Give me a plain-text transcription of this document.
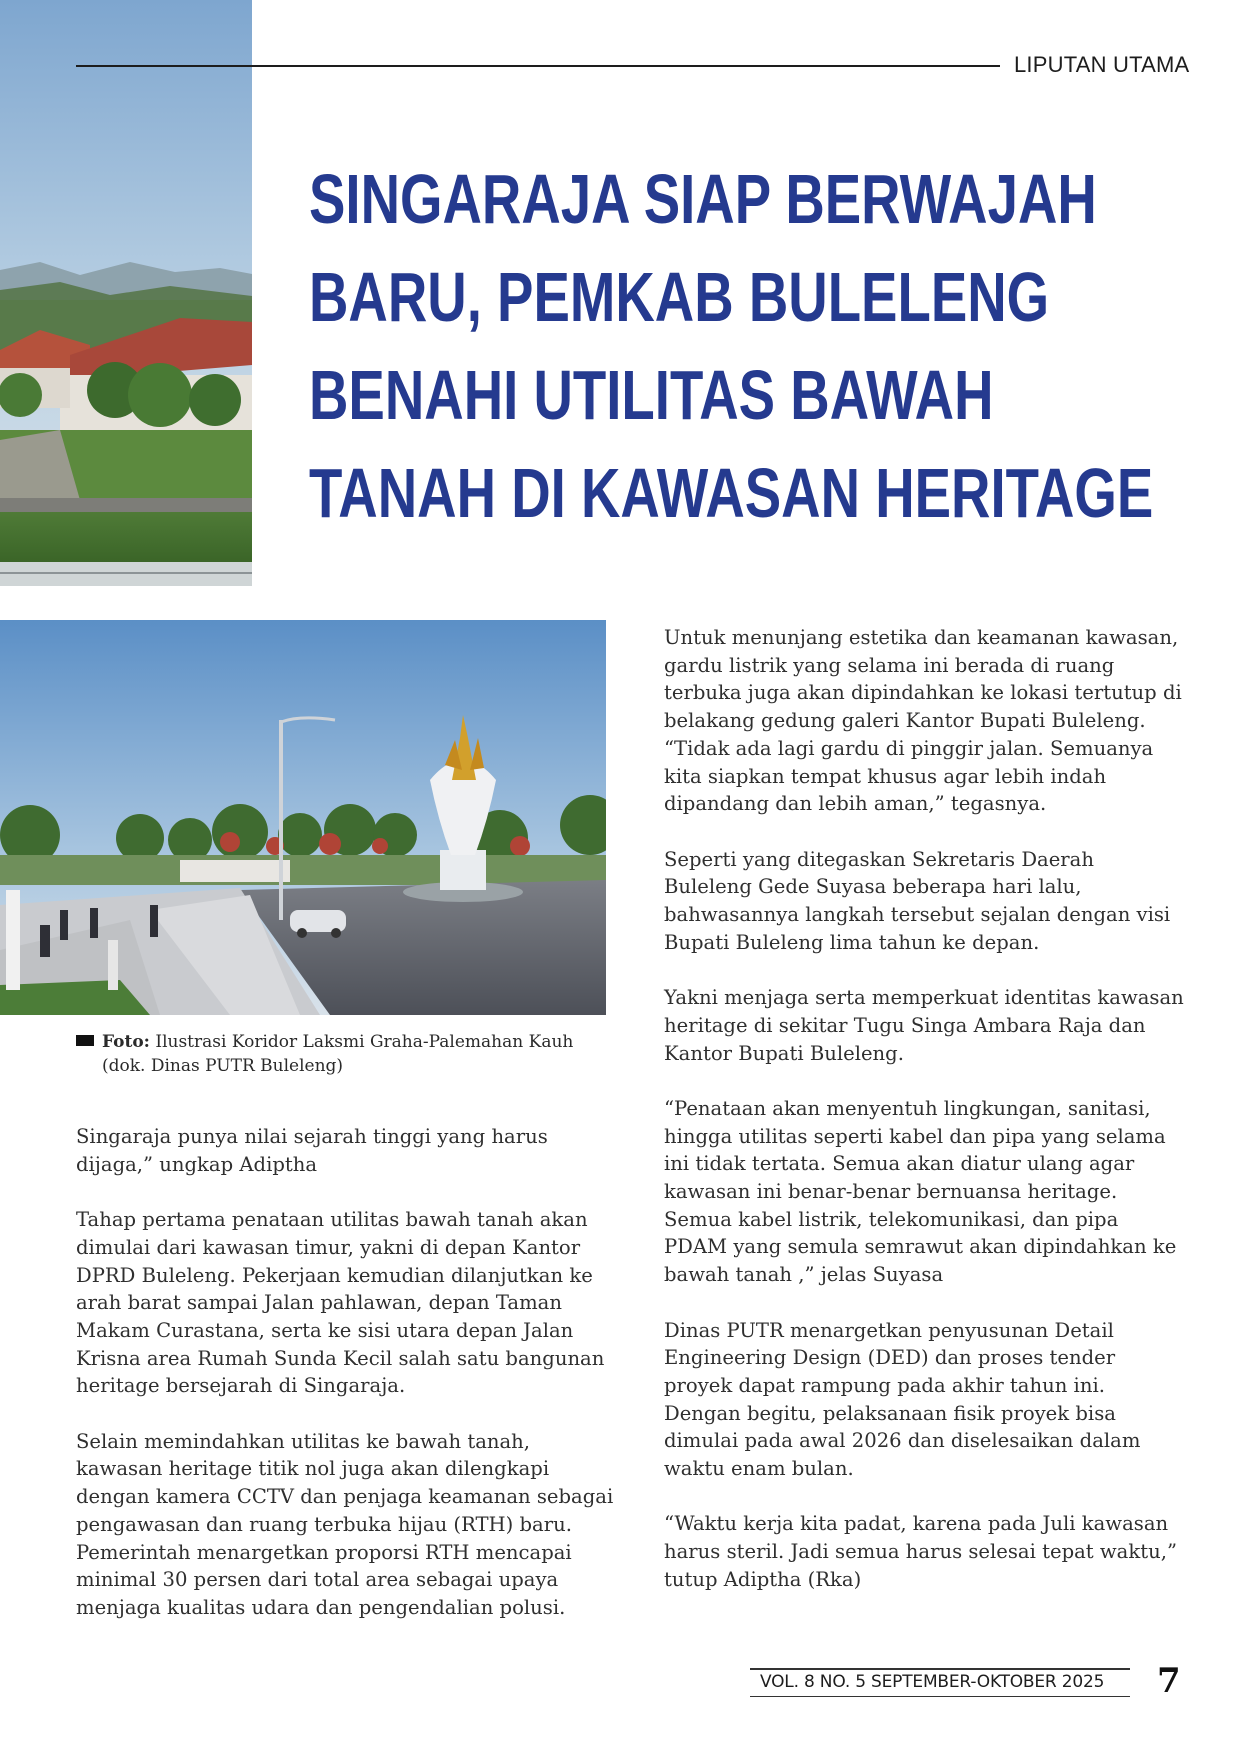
LIPUTAN UTAMA
SINGARAJA SIAP BERWAJAH
BARU, PEMKAB BULELENG
BENAHI UTILITAS BAWAH
TANAH DI KAWASAN HERITAGE
Foto: Ilustrasi Koridor Laksmi Graha-Palemahan Kauh
(dok. Dinas PUTR Buleleng)

Singaraja punya nilai sejarah tinggi yang harus dijaga,” ungkap Adiptha

Tahap pertama penataan utilitas bawah tanah akan dimulai dari kawasan timur, yakni di depan Kantor DPRD Buleleng. Pekerjaan kemudian dilanjutkan ke arah barat sampai Jalan pahlawan, depan Taman Makam Curastana, serta ke sisi utara depan Jalan Krisna area Rumah Sunda Kecil salah satu bangunan heritage bersejarah di Singaraja.

Selain memindahkan utilitas ke bawah tanah, kawasan heritage titik nol juga akan dilengkapi dengan kamera CCTV dan penjaga keamanan sebagai pengawasan dan ruang terbuka hijau (RTH) baru. Pemerintah menargetkan proporsi RTH mencapai minimal 30 persen dari total area sebagai upaya menjaga kualitas udara dan pengendalian polusi.

Untuk menunjang estetika dan keamanan kawasan, gardu listrik yang selama ini berada di ruang terbuka juga akan dipindahkan ke lokasi tertutup di belakang gedung galeri Kantor Bupati Buleleng.

“Tidak ada lagi gardu di pinggir jalan. Semuanya kita siapkan tempat khusus agar lebih indah dipandang dan lebih aman,” tegasnya.

Seperti yang ditegaskan Sekretaris Daerah Buleleng Gede Suyasa beberapa hari lalu, bahwasannya langkah tersebut sejalan dengan visi Bupati Buleleng lima tahun ke depan.

Yakni menjaga serta memperkuat identitas kawasan heritage di sekitar Tugu Singa Ambara Raja dan Kantor Bupati Buleleng.

“Penataan akan menyentuh lingkungan, sanitasi, hingga utilitas seperti kabel dan pipa yang selama ini tidak tertata. Semua akan diatur ulang agar kawasan ini benar-benar bernuansa heritage. Semua kabel listrik, telekomunikasi, dan pipa PDAM yang semula semrawut akan dipindahkan ke bawah tanah ,” jelas Suyasa

Dinas PUTR menargetkan penyusunan Detail Engineering Design (DED) dan proses tender proyek dapat rampung pada akhir tahun ini. Dengan begitu, pelaksanaan fisik proyek bisa dimulai pada awal 2026 dan diselesaikan dalam waktu enam bulan.

“Waktu kerja kita padat, karena pada Juli kawasan harus steril. Jadi semua harus selesai tepat waktu,” tutup Adiptha (Rka)

VOL. 8 NO. 5 SEPTEMBER-OKTOBER 2025 7
